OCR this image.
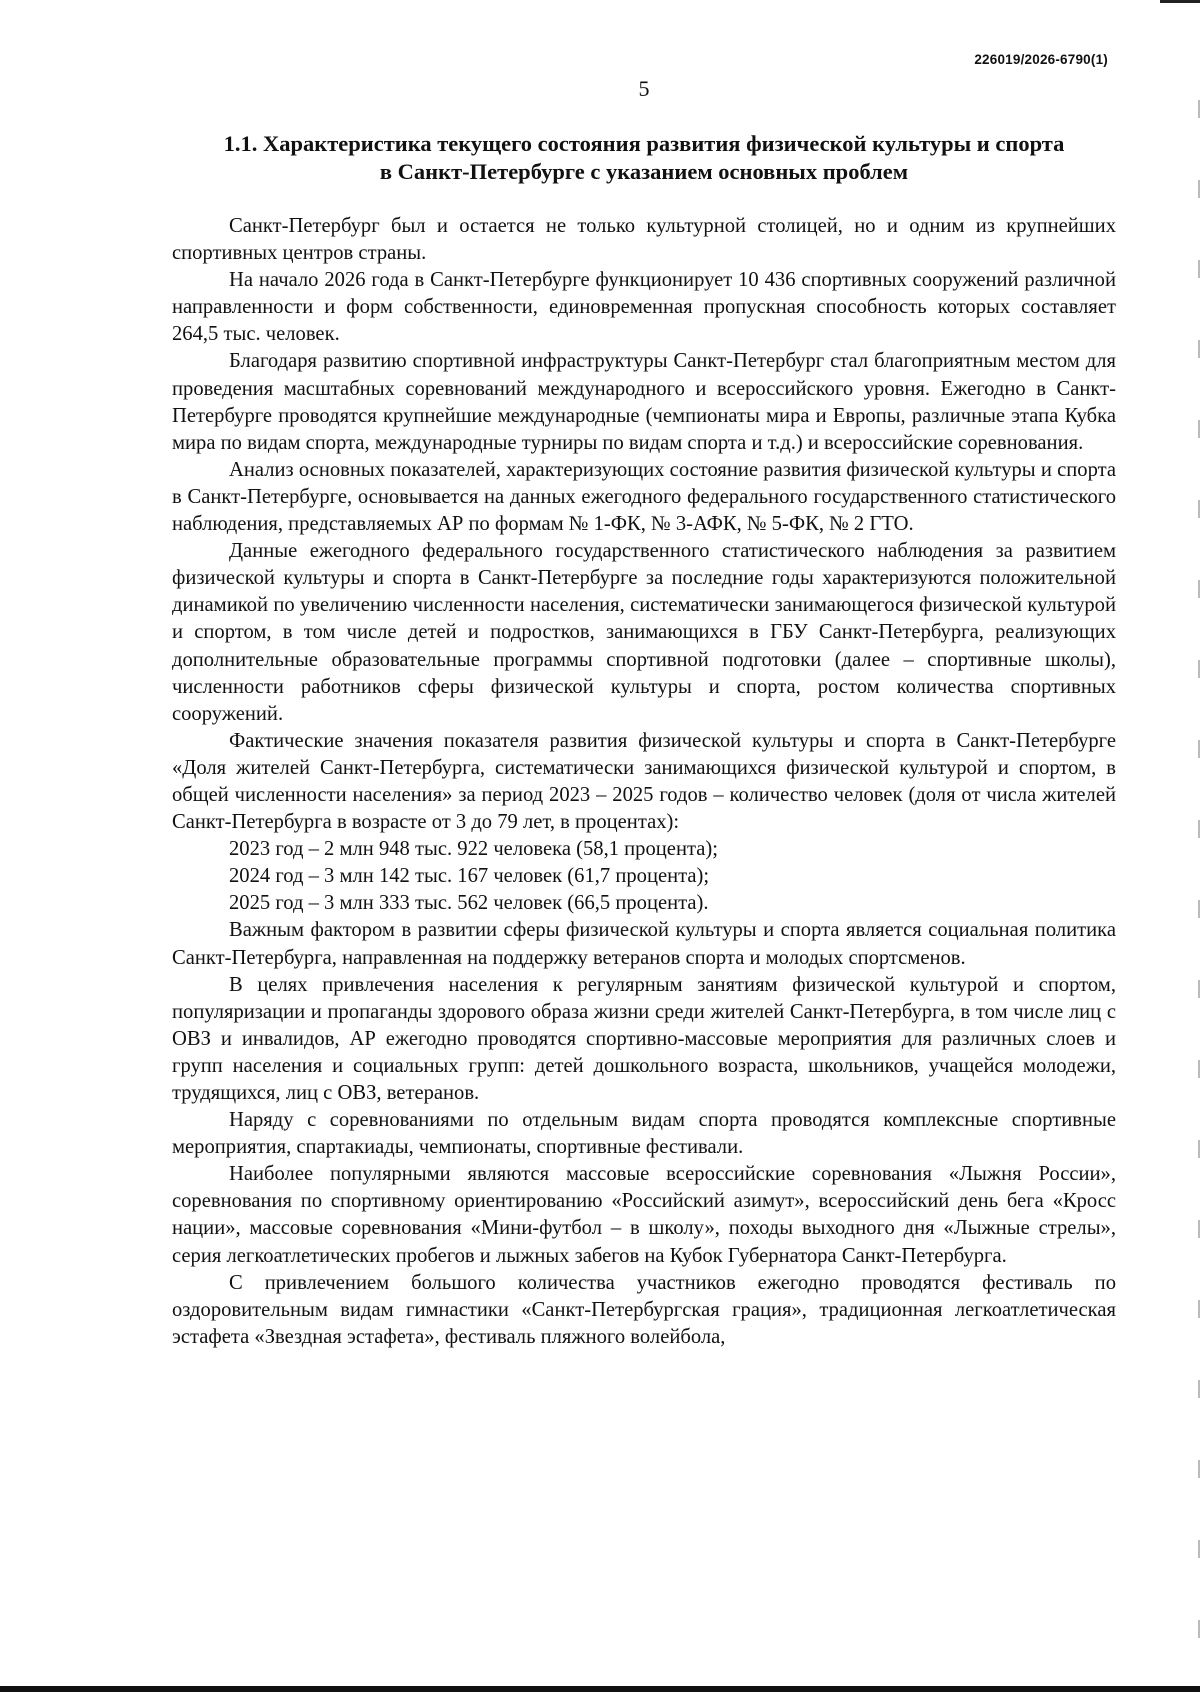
226019/2026-6790(1)
5
1.1. Характеристика текущего состояния развития физической культуры и спорта
в Санкт-Петербурге с указанием основных проблем

Санкт-Петербург был и остается не только культурной столицей, но и одним из крупнейших спортивных центров страны.

На начало 2026 года в Санкт-Петербурге функционирует 10 436 спортивных сооружений различной направленности и форм собственности, единовременная пропускная способность которых составляет 264,5 тыс. человек.

Благодаря развитию спортивной инфраструктуры Санкт-Петербург стал благоприятным местом для проведения масштабных соревнований международного и всероссийского уровня. Ежегодно в Санкт-Петербурге проводятся крупнейшие международные (чемпионаты мира и Европы, различные этапа Кубка мира по видам спорта, международные турниры по видам спорта и т.д.) и всероссийские соревнования.

Анализ основных показателей, характеризующих состояние развития физической культуры и спорта в Санкт-Петербурге, основывается на данных ежегодного федерального государственного статистического наблюдения, представляемых АР по формам № 1-ФК, № 3-АФК, № 5-ФК, № 2 ГТО.

Данные ежегодного федерального государственного статистического наблюдения за развитием физической культуры и спорта в Санкт-Петербурге за последние годы характеризуются положительной динамикой по увеличению численности населения, систематически занимающегося физической культурой и спортом, в том числе детей и подростков, занимающихся в ГБУ Санкт-Петербурга, реализующих дополнительные образовательные программы спортивной подготовки (далее – спортивные школы), численности работников сферы физической культуры и спорта, ростом количества спортивных сооружений.

Фактические значения показателя развития физической культуры и спорта в Санкт-Петербурге «Доля жителей Санкт-Петербурга, систематически занимающихся физической культурой и спортом, в общей численности населения» за период 2023 – 2025 годов – количество человек (доля от числа жителей Санкт-Петербурга в возрасте от 3 до 79 лет, в процентах):

2023 год – 2 млн 948 тыс. 922 человека (58,1 процента);

2024 год – 3 млн 142 тыс. 167 человек (61,7 процента);

2025 год – 3 млн 333 тыс. 562 человек (66,5 процента).

Важным фактором в развитии сферы физической культуры и спорта является социальная политика Санкт-Петербурга, направленная на поддержку ветеранов спорта и молодых спортсменов.

В целях привлечения населения к регулярным занятиям физической культурой и спортом, популяризации и пропаганды здорового образа жизни среди жителей Санкт-Петербурга, в том числе лиц с ОВЗ и инвалидов, АР ежегодно проводятся спортивно-массовые мероприятия для различных слоев и групп населения и социальных групп: детей дошкольного возраста, школьников, учащейся молодежи, трудящихся, лиц с ОВЗ, ветеранов.

Наряду с соревнованиями по отдельным видам спорта проводятся комплексные спортивные мероприятия, спартакиады, чемпионаты, спортивные фестивали.

Наиболее популярными являются массовые всероссийские соревнования «Лыжня России», соревнования по спортивному ориентированию «Российский азимут», всероссийский день бега «Кросс нации», массовые соревнования «Мини-футбол – в школу», походы выходного дня «Лыжные стрелы», серия легкоатлетических пробегов и лыжных забегов на Кубок Губернатора Санкт-Петербурга.

С привлечением большого количества участников ежегодно проводятся фестиваль по оздоровительным видам гимнастики «Санкт-Петербургская грация», традиционная легкоатлетическая эстафета «Звездная эстафета», фестиваль пляжного волейбола,
